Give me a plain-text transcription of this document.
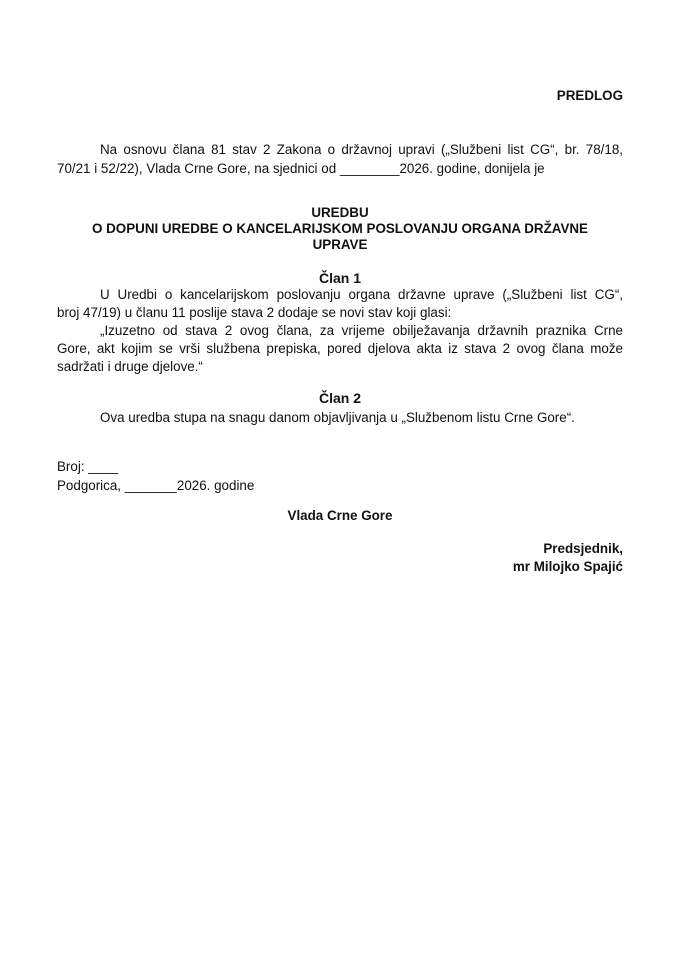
PREDLOG
Na osnovu člana 81 stav 2 Zakona o državnoj upravi („Službeni list CG“, br. 78/18,
70/21 i 52/22), Vlada Crne Gore, na sjednici od ________2026. godine, donijela je
UREDBU
O DOPUNI UREDBE O KANCELARIJSKOM POSLOVANJU ORGANA DRŽAVNE
UPRAVE
Član 1
U Uredbi o kancelarijskom poslovanju organa državne uprave („Službeni list CG“,
broj 47/19) u članu 11 poslije stava 2 dodaje se novi stav koji glasi:
„Izuzetno od stava 2 ovog člana, za vrijeme obilježavanja državnih praznika Crne
Gore, akt kojim se vrši službena prepiska, pored djelova akta iz stava 2 ovog člana može
sadržati i druge djelove.“
Član 2
Ova uredba stupa na snagu danom objavljivanja u „Službenom listu Crne Gore“.
Broj: ____
Podgorica, _______2026. godine
Vlada Crne Gore
Predsjednik,
mr Milojko Spajić
